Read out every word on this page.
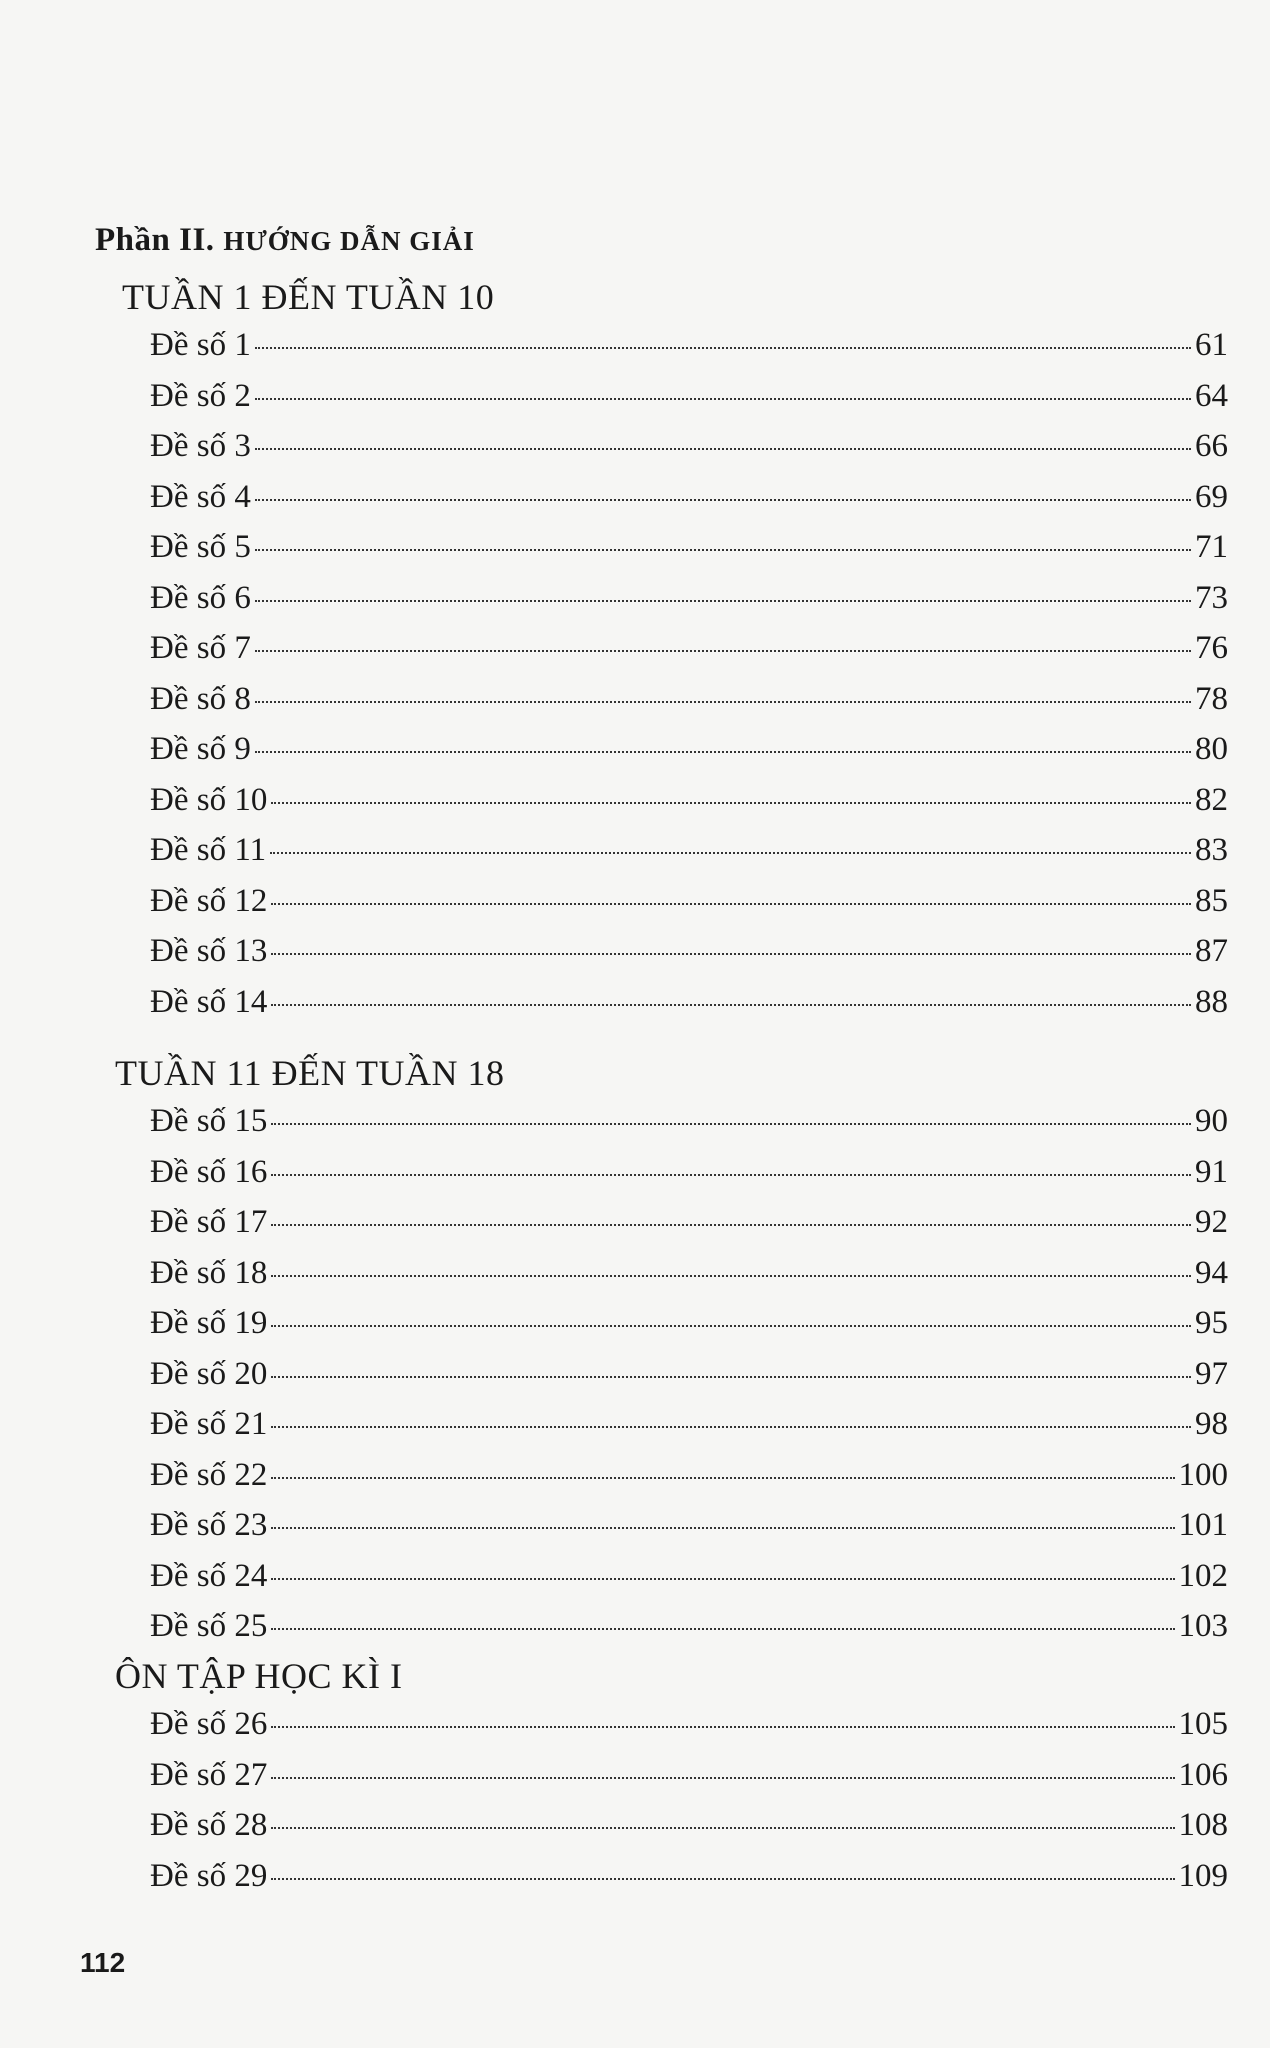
Phần II. HƯỚNG DẪN GIẢI
TUẦN 1 ĐẾN TUẦN 10
Đề số 1	61
Đề số 2	64
Đề số 3	66
Đề số 4	69
Đề số 5	71
Đề số 6	73
Đề số 7	76
Đề số 8	78
Đề số 9	80
Đề số 10	82
Đề số 11	83
Đề số 12	85
Đề số 13	87
Đề số 14	88
TUẦN 11 ĐẾN TUẦN 18
Đề số 15	90
Đề số 16	91
Đề số 17	92
Đề số 18	94
Đề số 19	95
Đề số 20	97
Đề số 21	98
Đề số 22	100
Đề số 23	101
Đề số 24	102
Đề số 25	103
ÔN TẬP HỌC KÌ I
Đề số 26	105
Đề số 27	106
Đề số 28	108
Đề số 29	109
112
